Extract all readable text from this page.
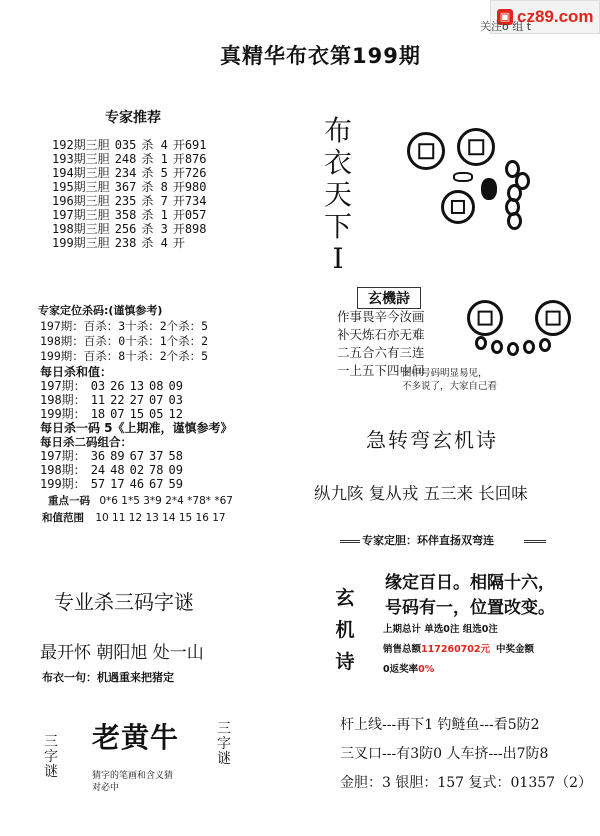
▣ cz89.com
关注o 组 t
真精华布衣第199期
专家推荐
192期三胆	035	杀 4	开691
193期三胆	248	杀 1	开876
194期三胆	234	杀 5	开726
195期三胆	367	杀 8	开980
196期三胆	235	杀 7	开734
197期三胆	358	杀 1	开057
198期三胆	256	杀 3	开898
199期三胆	238	杀 4	开
布
衣
天
下
I
专家定位杀码:(谨慎参考)
197期：百杀：3十杀：2个杀：5
198期：百杀：0十杀：1个杀：2
199期：百杀：8十杀：2个杀：5
每日杀和值：
197期：	03	26	13	08	09
198期：	11	22	27	07	03
199期：	18	07	15	05	12
每日杀一码 5《上期准，谨慎参考》
每日杀二码组合：
197期：	36	89	67	37	58
198期：	24	48	02	78	09
199期：	57	17	46	67	59
重点一码 0*6 1*5 3*9 2*4 *78* *67
和值范围 10 11 12 13 14 15 16 17
玄機詩
作事畏辛今汝画
补天炼石亦无难
二五合六有三连
一上五下四中间
图中号码明显易见，
不多说了，大家自己看
急转弯玄机诗
纵九陔 复从戎 五三来 长回味
专家定胆：环伴直扬双弯连
玄
机
诗
缘定百日。相隔十六，
号码有一，位置改变。
上期总计 单选0注 组选0注
销售总额117260702元 中奖金额
0返奖率0%
专业杀三码字谜
最开怀 朝阳旭 处一山
布衣一句：机遇重来把猪定
三
字
谜
老黄牛	三
字
谜
猜字的笔画和含义猜
对必中
杆上线---再下1 钓鲢鱼---看5防2
三叉口---有3防0 人车挤---出7防8
金胆：3 银胆：157 复式：01357（2）
